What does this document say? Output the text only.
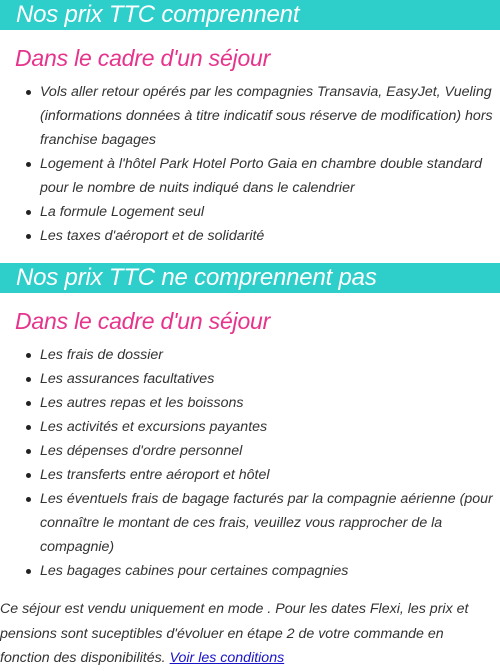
Nos prix TTC comprennent
Dans le cadre d'un séjour
Vols aller retour opérés par les compagnies Transavia, EasyJet, Vueling (informations données à titre indicatif sous réserve de modification) hors franchise bagages
Logement à l'hôtel Park Hotel Porto Gaia en chambre double standard pour le nombre de nuits indiqué dans le calendrier
La formule Logement seul
Les taxes d'aéroport et de solidarité
Nos prix TTC ne comprennent pas
Dans le cadre d'un séjour
Les frais de dossier
Les assurances facultatives
Les autres repas et les boissons
Les activités et excursions payantes
Les dépenses d'ordre personnel
Les transferts entre aéroport et hôtel
Les éventuels frais de bagage facturés par la compagnie aérienne (pour connaître le montant de ces frais, veuillez vous rapprocher de la compagnie)
Les bagages cabines pour certaines compagnies

Ce séjour est vendu uniquement en mode . Pour les dates Flexi, les prix et pensions sont suceptibles d'évoluer en étape 2 de votre commande en fonction des disponibilités. Voir les conditions
